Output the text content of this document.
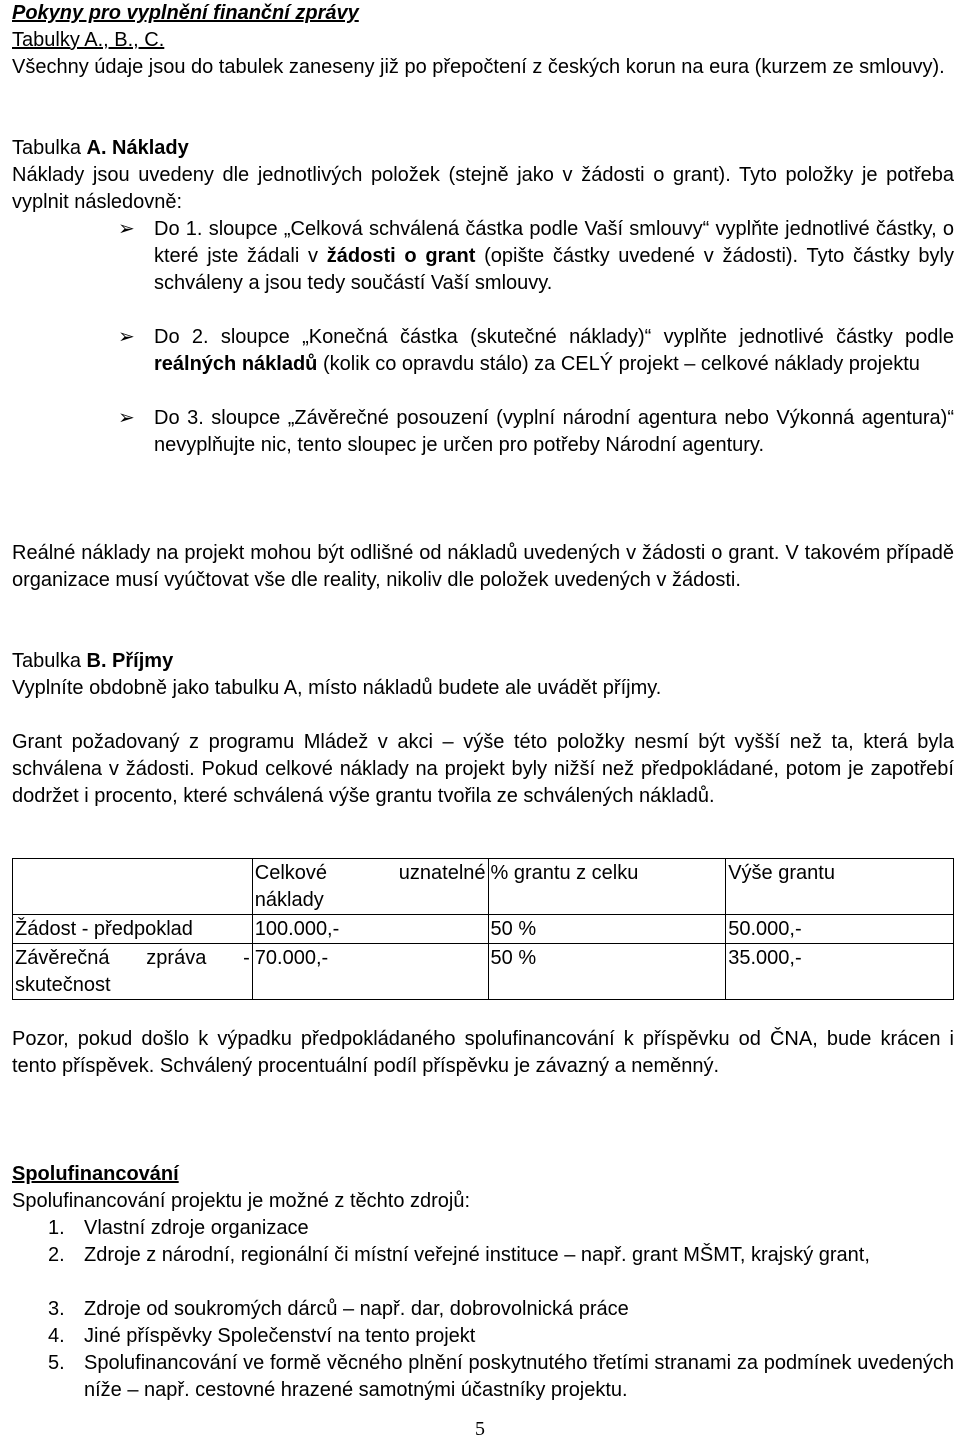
Pokyny pro vyplnění finanční zprávy
Tabulky A., B., C.
Všechny údaje jsou do tabulek zaneseny již po přepočtení z českých korun na eura (kurzem ze smlouvy).
Tabulka A. Náklady
Náklady jsou uvedeny dle jednotlivých položek (stejně jako v žádosti o grant). Tyto položky je potřeba vyplnit následovně:
➢ Do 1. sloupce „Celková schválená částka podle Vaší smlouvy“ vyplňte jednotlivé částky, o které jste žádali v žádosti o grant (opište částky uvedené v žádosti). Tyto částky byly schváleny a jsou tedy součástí Vaší smlouvy.
➢ Do 2. sloupce „Konečná částka (skutečné náklady)“ vyplňte jednotlivé částky podle reálných nákladů (kolik co opravdu stálo) za CELÝ projekt – celkové náklady projektu
➢ Do 3. sloupce „Závěrečné posouzení (vyplní národní agentura nebo Výkonná agentura)“ nevyplňujte nic, tento sloupec je určen pro potřeby Národní agentury.
Reálné náklady na projekt mohou být odlišné od nákladů uvedených v žádosti o grant. V takovém případě organizace musí vyúčtovat vše dle reality, nikoliv dle položek uvedených v žádosti.
Tabulka B. Příjmy
Vyplníte obdobně jako tabulku A, místo nákladů budete ale uvádět příjmy.
Grant požadovaný z programu Mládež v akci – výše této položky nesmí být vyšší než ta, která byla schválena v žádosti. Pokud celkové náklady na projekt byly nižší než předpokládané, potom je zapotřebí dodržet i procento, které schválená výše grantu tvořila ze schválených nákladů.
	Celkové uznatelné náklady	% grantu z celku	Výše grantu
Žádost - předpoklad	100.000,-	50 %	50.000,-
Závěrečná zpráva - skutečnost	70.000,-	50 %	35.000,-
Pozor, pokud došlo k výpadku předpokládaného spolufinancování k příspěvku od ČNA, bude krácen i tento příspěvek. Schválený procentuální podíl příspěvku je závazný a neměnný.
Spolufinancování
Spolufinancování projektu je možné z těchto zdrojů:
1. Vlastní zdroje organizace
2. Zdroje z národní, regionální či místní veřejné instituce – např. grant MŠMT, krajský grant,
3. Zdroje od soukromých dárců – např. dar, dobrovolnická práce
4. Jiné příspěvky Společenství na tento projekt
5. Spolufinancování ve formě věcného plnění poskytnutého třetími stranami za podmínek uvedených níže – např. cestovné hrazené samotnými účastníky projektu.
5
